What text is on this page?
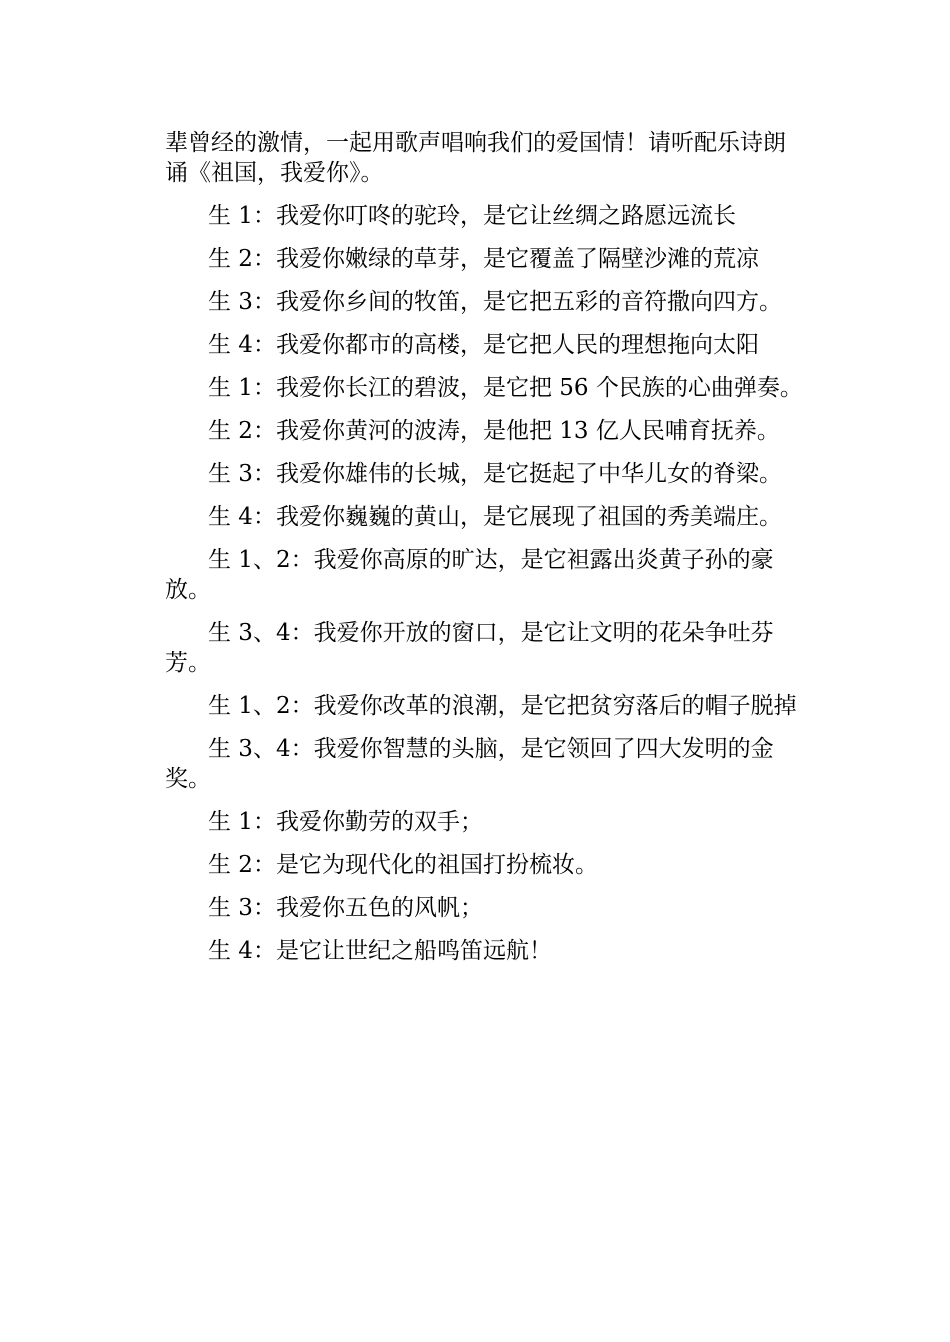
辈曾经的激情，一起用歌声唱响我们的爱国情！请听配乐诗朗诵《祖国，我爱你》。

生 1：我爱你叮咚的驼玲，是它让丝绸之路愿远流长

生 2：我爱你嫩绿的草芽，是它覆盖了隔壁沙滩的荒凉

生 3：我爱你乡间的牧笛，是它把五彩的音符撒向四方。

生 4：我爱你都市的高楼，是它把人民的理想拖向太阳

生 1：我爱你长江的碧波，是它把 56 个民族的心曲弹奏。

生 2：我爱你黄河的波涛，是他把 13 亿人民哺育抚养。

生 3：我爱你雄伟的长城，是它挺起了中华儿女的脊梁。

生 4：我爱你巍巍的黄山，是它展现了祖国的秀美端庄。

生 1、2：我爱你高原的旷达，是它袒露出炎黄子孙的豪放。

生 3、4：我爱你开放的窗口，是它让文明的花朵争吐芬芳。

生 1、2：我爱你改革的浪潮，是它把贫穷落后的帽子脱掉

生 3、4：我爱你智慧的头脑，是它领回了四大发明的金奖。

生 1：我爱你勤劳的双手；

生 2：是它为现代化的祖国打扮梳妆。

生 3：我爱你五色的风帆；

生 4：是它让世纪之船鸣笛远航！
